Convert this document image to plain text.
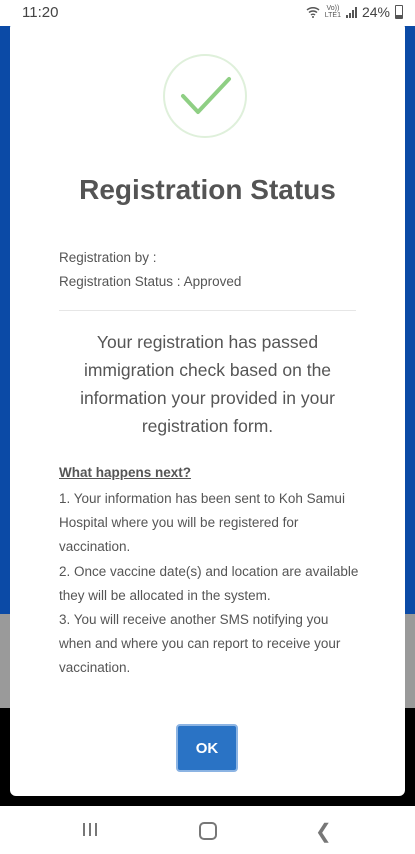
11:20	Vo))
LTE1 24%
Registration Status
Registration by :
Registration Status : Approved
Your registration has passed immigration check based on the information your provided in your registration form.
What happens next?

1. Your information has been sent to Koh Samui Hospital where you will be registered for vaccination.

2. Once vaccine date(s) and location are available they will be allocated in the system.

3. You will receive another SMS notifying you when and where you can report to receive your vaccination.

OK
❮
